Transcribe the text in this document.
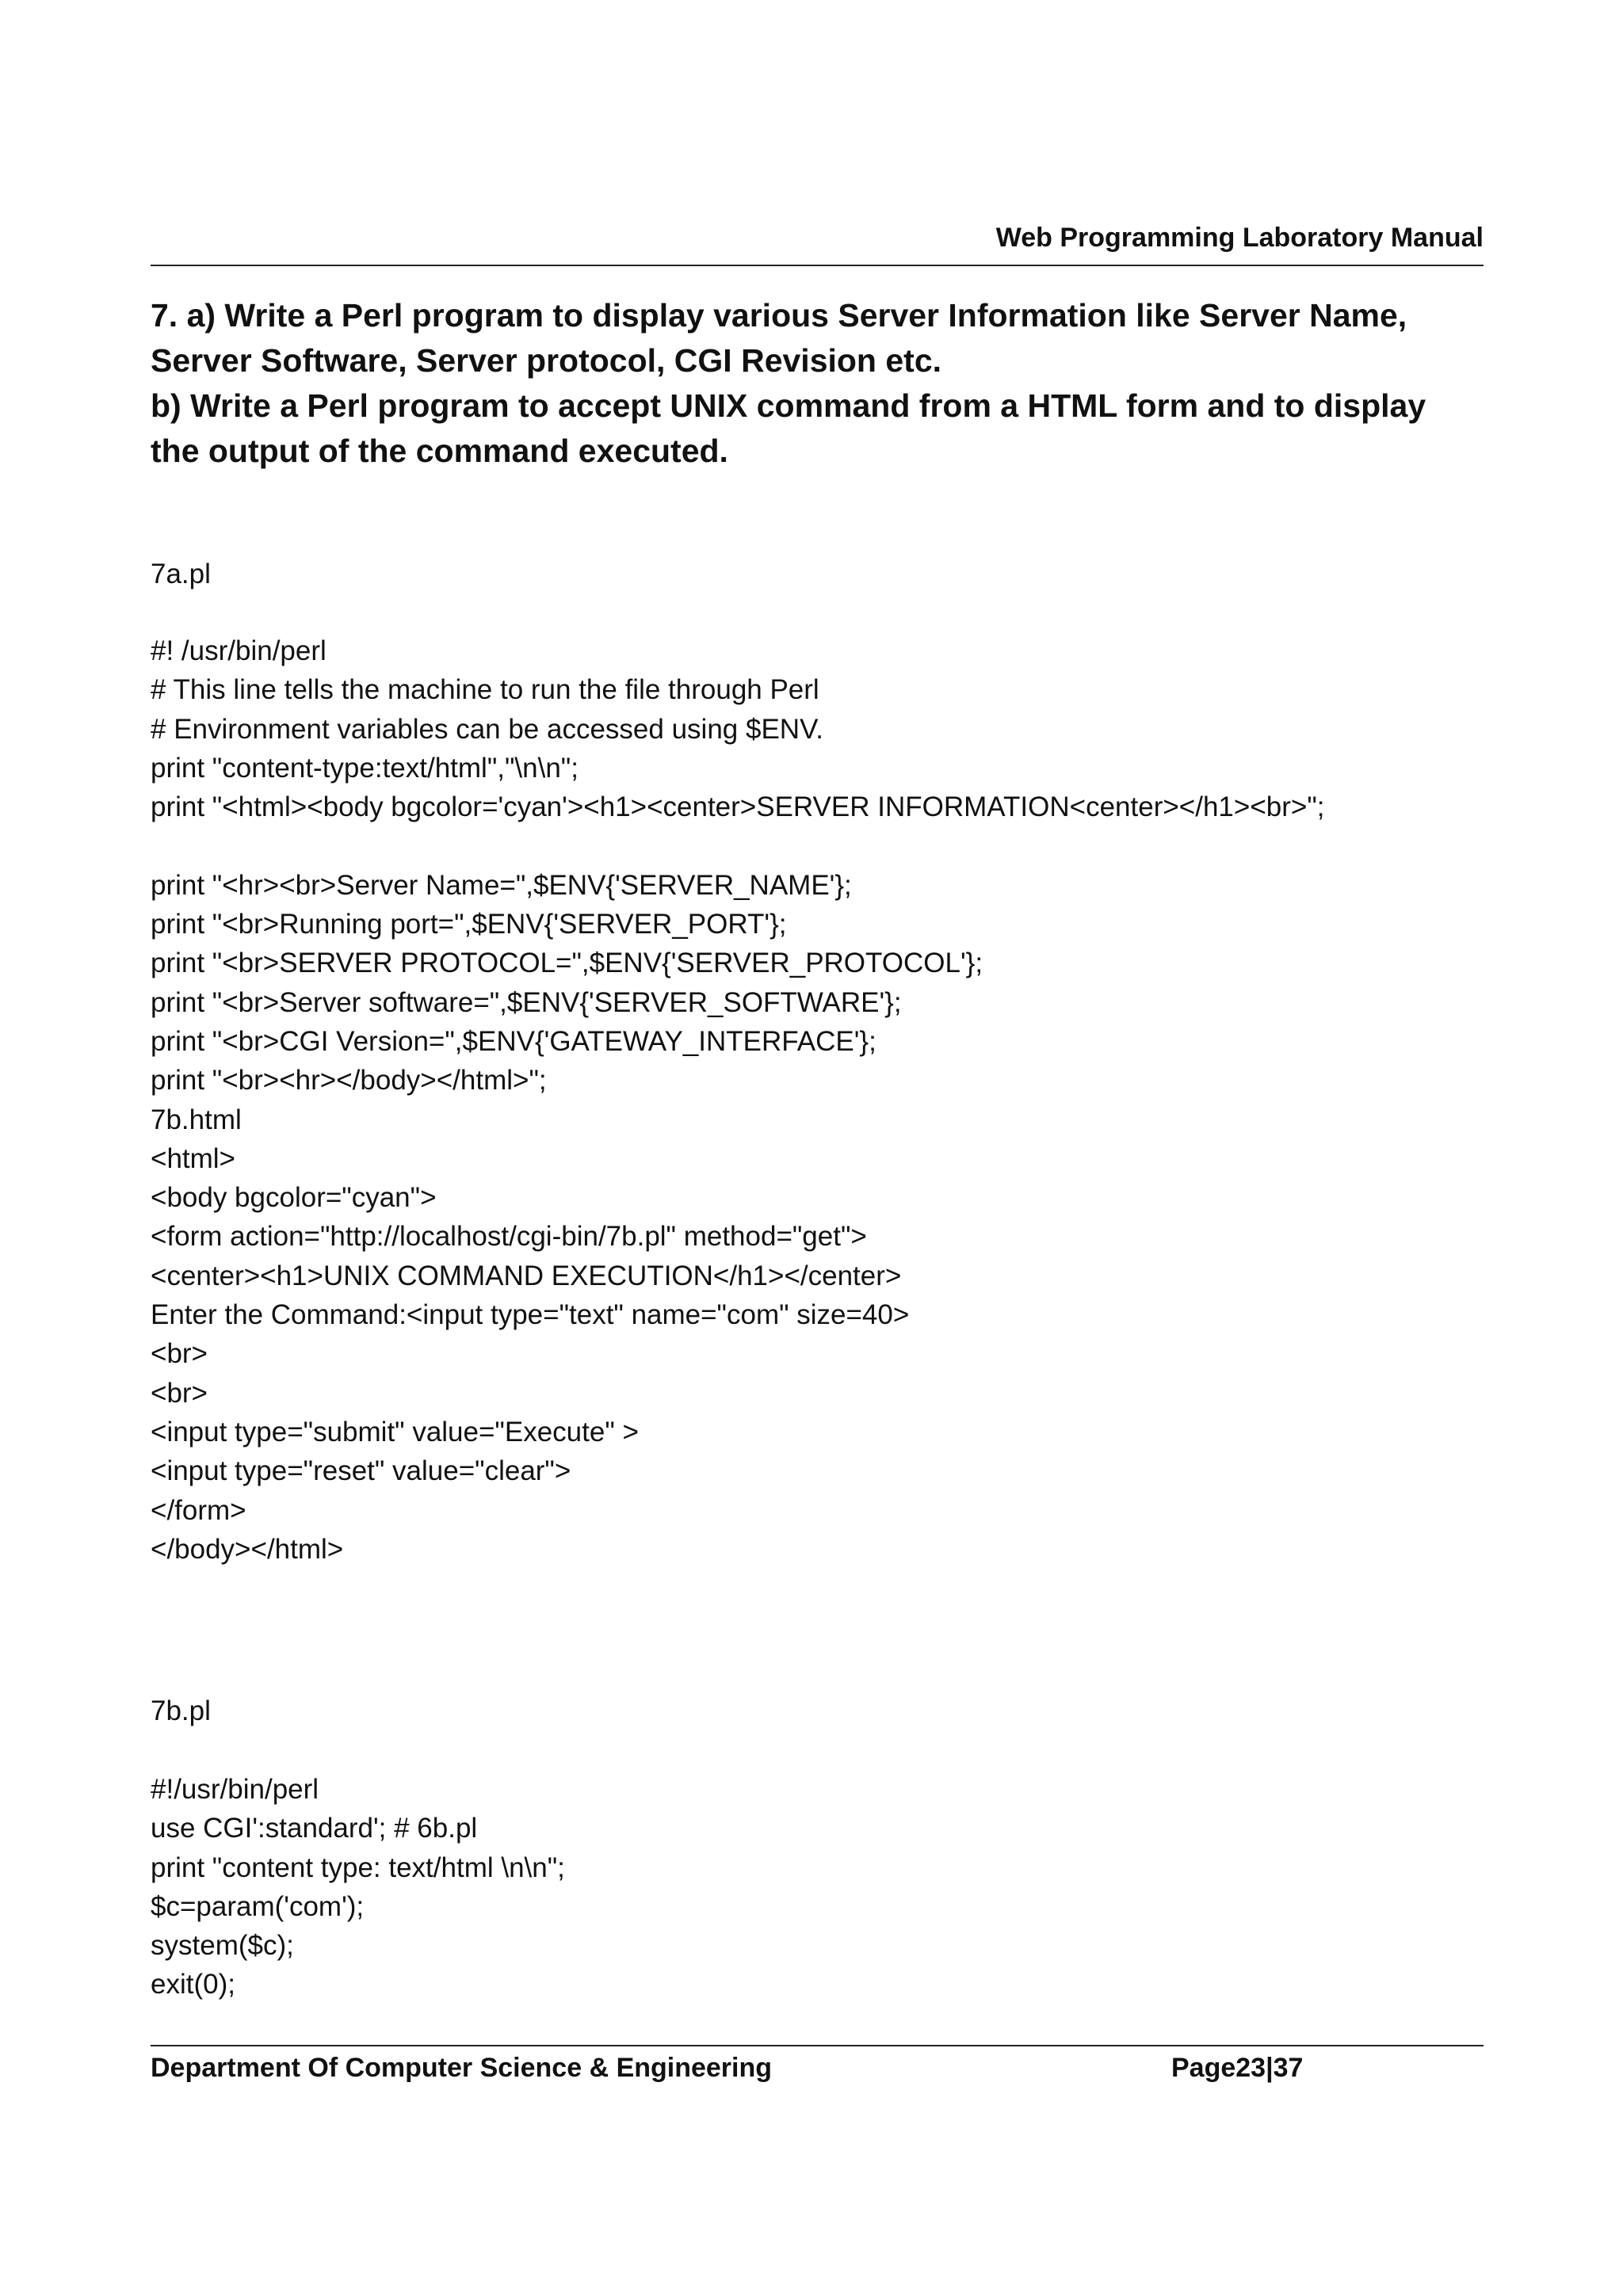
Web Programming Laboratory Manual
7. a) Write a Perl program to display various Server Information like Server Name,
Server Software, Server protocol, CGI Revision etc.
b) Write a Perl program to accept UNIX command from a HTML form and to display
the output of the command executed.
7a.pl
#! /usr/bin/perl
# This line tells the machine to run the file through Perl
# Environment variables can be accessed using $ENV.
print "content-type:text/html","\n\n";
print "<html><body bgcolor='cyan'><h1><center>SERVER INFORMATION<center></h1><br>";
print "<hr><br>Server Name=",$ENV{'SERVER_NAME'};
print "<br>Running port=",$ENV{'SERVER_PORT'};
print "<br>SERVER PROTOCOL=",$ENV{'SERVER_PROTOCOL'};
print "<br>Server software=",$ENV{'SERVER_SOFTWARE'};
print "<br>CGI Version=",$ENV{'GATEWAY_INTERFACE'};
print "<br><hr></body></html>";
7b.html
<html>
<body bgcolor="cyan">
<form action="http://localhost/cgi-bin/7b.pl" method="get">
<center><h1>UNIX COMMAND EXECUTION</h1></center>
Enter the Command:<input type="text" name="com" size=40>
<br>
<br>
<input type="submit" value="Execute" >
<input type="reset" value="clear">
</form>
</body></html>
7b.pl
#!/usr/bin/perl
use CGI':standard'; # 6b.pl
print "content type: text/html \n\n";
$c=param('com');
system($c);
exit(0);
Department Of Computer Science & Engineering	Page23|37
